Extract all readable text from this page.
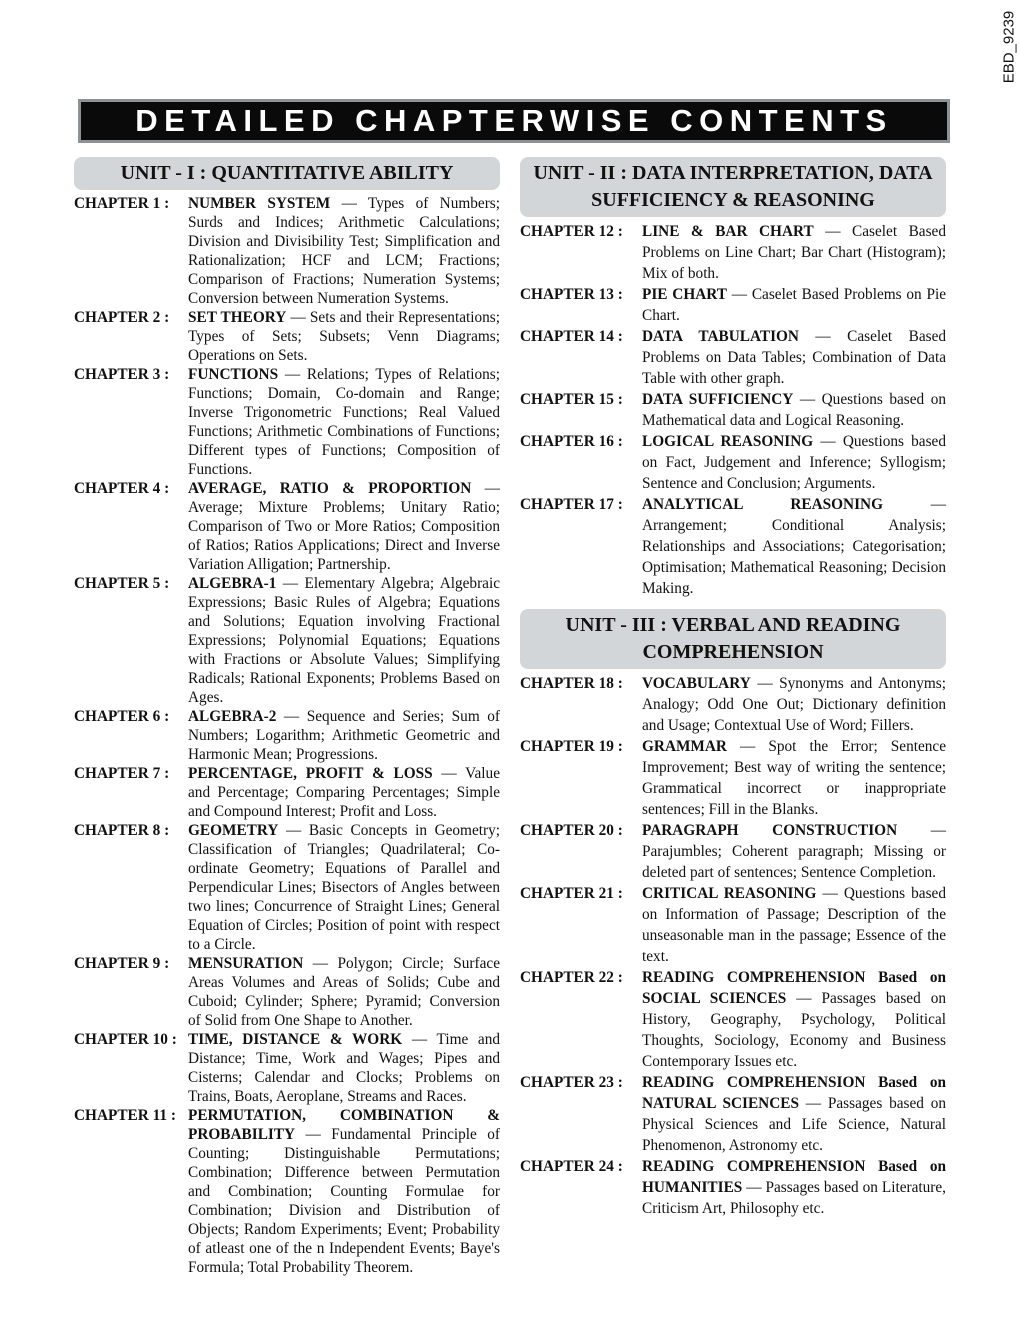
EBD_9239
DETAILED CHAPTERWISE CONTENTS
UNIT - I : QUANTITATIVE ABILITY
CHAPTER 1 :	NUMBER SYSTEM — Types of Numbers; Surds and Indices; Arithmetic Calculations; Division and Divisibility Test; Simplification and Rationalization; HCF and LCM; Fractions; Comparison of Fractions; Numeration Systems; Conversion between Numeration Systems.
CHAPTER 2 :	SET THEORY — Sets and their Representations; Types of Sets; Subsets; Venn Diagrams; Operations on Sets.
CHAPTER 3 :	FUNCTIONS — Relations; Types of Relations; Functions; Domain, Co-domain and Range; Inverse Trigonometric Functions; Real Valued Functions; Arithmetic Combinations of Functions; Different types of Functions; Composition of Functions.
CHAPTER 4 :	AVERAGE, RATIO & PROPORTION — Average; Mixture Problems; Unitary Ratio; Comparison of Two or More Ratios; Composition of Ratios; Ratios Applications; Direct and Inverse Variation Alligation; Partnership.
CHAPTER 5 :	ALGEBRA-1 — Elementary Algebra; Algebraic Expressions; Basic Rules of Algebra; Equations and Solutions; Equation involving Fractional Expressions; Polynomial Equations; Equations with Fractions or Absolute Values; Simplifying Radicals; Rational Exponents; Problems Based on Ages.
CHAPTER 6 :	ALGEBRA-2 — Sequence and Series; Sum of Numbers; Logarithm; Arithmetic Geometric and Harmonic Mean; Progressions.
CHAPTER 7 :	PERCENTAGE, PROFIT & LOSS — Value and Percentage; Comparing Percentages; Simple and Compound Interest; Profit and Loss.
CHAPTER 8 :	GEOMETRY — Basic Concepts in Geometry; Classification of Triangles; Quadrilateral; Co-ordinate Geometry; Equations of Parallel and Perpendicular Lines; Bisectors of Angles between two lines; Concurrence of Straight Lines; General Equation of Circles; Position of point with respect to a Circle.
CHAPTER 9 :	MENSURATION — Polygon; Circle; Surface Areas Volumes and Areas of Solids; Cube and Cuboid; Cylinder; Sphere; Pyramid; Conversion of Solid from One Shape to Another.
CHAPTER 10 : TIME, DISTANCE & WORK — Time and Distance; Time, Work and Wages; Pipes and Cisterns; Calendar and Clocks; Problems on Trains, Boats, Aeroplane, Streams and Races.
CHAPTER 11 : PERMUTATION, COMBINATION & PROBABILITY — Fundamental Principle of Counting; Distinguishable Permutations; Combination; Difference between Permutation and Combination; Counting Formulae for Combination; Division and Distribution of Objects; Random Experiments; Event; Probability of atleast one of the n Independent Events; Baye's Formula; Total Probability Theorem.
UNIT - II : DATA INTERPRETATION, DATA SUFFICIENCY & REASONING
CHAPTER 12 :	LINE & BAR CHART — Caselet Based Problems on Line Chart; Bar Chart (Histogram); Mix of both.
CHAPTER 13 :	PIE CHART — Caselet Based Problems on Pie Chart.
CHAPTER 14 :	DATA TABULATION — Caselet Based Problems on Data Tables; Combination of Data Table with other graph.
CHAPTER 15 :	DATA SUFFICIENCY — Questions based on Mathematical data and Logical Reasoning.
CHAPTER 16 :	LOGICAL REASONING — Questions based on Fact, Judgement and Inference; Syllogism; Sentence and Conclusion; Arguments.
CHAPTER 17 :	ANALYTICAL REASONING — Arrangement; Conditional Analysis; Relationships and Associations; Categorisation; Optimisation; Mathematical Reasoning; Decision Making.
UNIT - III : VERBAL AND READING COMPREHENSION
CHAPTER 18 :	VOCABULARY — Synonyms and Antonyms; Analogy; Odd One Out; Dictionary definition and Usage; Contextual Use of Word; Fillers.
CHAPTER 19 :	GRAMMAR — Spot the Error; Sentence Improvement; Best way of writing the sentence; Grammatical incorrect or inappropriate sentences; Fill in the Blanks.
CHAPTER 20 :	PARAGRAPH CONSTRUCTION — Parajumbles; Coherent paragraph; Missing or deleted part of sentences; Sentence Completion.
CHAPTER 21 :	CRITICAL REASONING — Questions based on Information of Passage; Description of the unseasonable man in the passage; Essence of the text.
CHAPTER 22 :	READING COMPREHENSION Based on SOCIAL SCIENCES — Passages based on History, Geography, Psychology, Political Thoughts, Sociology, Economy and Business Contemporary Issues etc.
CHAPTER 23 :	READING COMPREHENSION Based on NATURAL SCIENCES — Passages based on Physical Sciences and Life Science, Natural Phenomenon, Astronomy etc.
CHAPTER 24 :	READING COMPREHENSION Based on HUMANITIES — Passages based on Literature, Criticism Art, Philosophy etc.
